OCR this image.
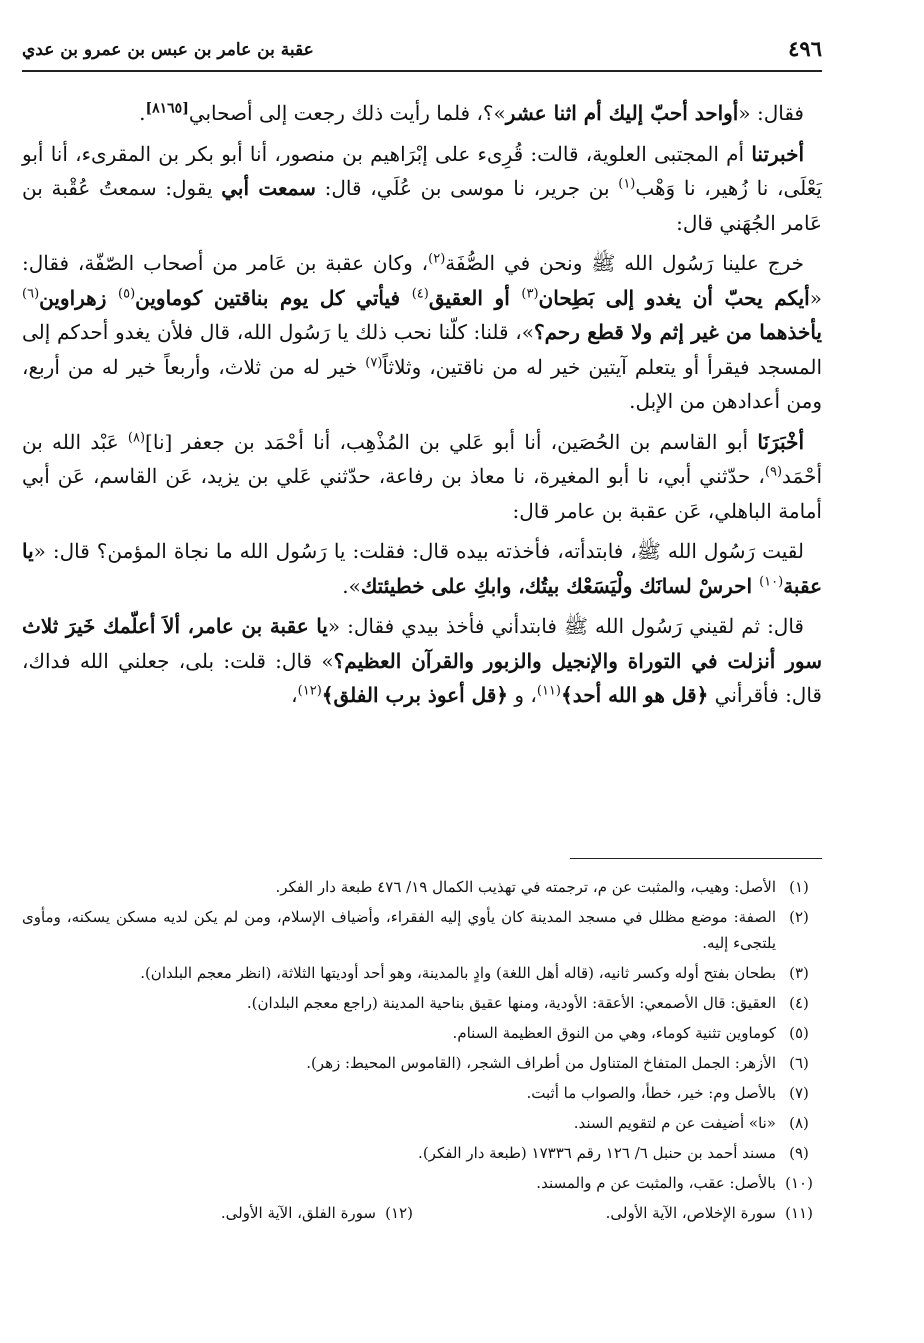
٤٩٦
عقبة بن عامر بن عبس بن عمرو بن عدي

فقال: «أواحد أحبّ إليك أم اثنا عشر»؟، فلما رأيت ذلك رجعت إلى أصحابي[٨١٦٥].

أخبرتنا أم المجتبى العلوية، قالت: قُرِىء على إبْرَاهيم بن منصور، أنا أبو بكر بن المقرىء، أنا أبو يَعْلَى، نا زُهير، نا وَهْب$^{(١)}$ بن جرير، نا موسى بن عُلَي، قال: سمعت أبي يقول: سمعتُ عُقْبة بن عَامر الجُهَني قال:

خرج علينا رَسُول الله ﷺ ونحن في الصُّفَة$^{(٢)}$، وكان عقبة بن عَامر من أصحاب الصّفّة، فقال: «أيكم يحبّ أن يغدو إلى بَطِحان$^{(٣)}$ أو العقيق$^{(٤)}$ فيأتي كل يوم بناقتين كوماوين$^{(٥)}$ زهراوين$^{(٦)}$ يأخذهما من غير إثم ولا قطع رحم؟»، قلنا: كلّنا نحب ذلك يا رَسُول الله، قال فلأن يغدو أحدكم إلى المسجد فيقرأ أو يتعلم آيتين خير له من ناقتين، وثلاثاً$^{(٧)}$ خير له من ثلاث، وأربعاً خير له من أربع، ومن أعدادهن من الإبل.

أخْبَرَنَا أبو القاسم بن الحُصَين، أنا أبو عَلي بن المُذْهِب، أنا أحْمَد بن جعفر [نا]$^{(٨)}$ عَبْد الله بن أحْمَد$^{(٩)}$، حدّثني أبي، نا أبو المغيرة، نا معاذ بن رفاعة، حدّثني عَلي بن يزيد، عَن القاسم، عَن أبي أمامة الباهلي، عَن عقبة بن عامر قال:

لقيت رَسُول الله ﷺ، فابتدأته، فأخذته بيده قال: فقلت: يا رَسُول الله ما نجاة المؤمن؟ قال: «يا عقبة$^{(١٠)}$ احرسْ لسانَك ولْيَسَعْك بيتُك، وابكِ على خطيئتك».

قال: ثم لقيني رَسُول الله ﷺ فابتدأني فأخذ بيدي فقال: «يا عقبة بن عامر، ألاَ أعلّمك خَيرَ ثلاث سور أنزلت في التوراة والإنجيل والزبور والقرآن العظيم؟» قال: قلت: بلى، جعلني الله فداك، قال: فأقرأني ﴿قل هو الله أحد﴾$^{(١١)}$، و ﴿قل أعوذ برب الفلق﴾$^{(١٢)}$،

(١)
الأصل: وهيب، والمثبت عن م، ترجمته في تهذيب الكمال ١٩/ ٤٧٦ طبعة دار الفكر.
(٢)
الصفة: موضع مظلل في مسجد المدينة كان يأوي إليه الفقراء، وأضياف الإسلام، ومن لم يكن لديه مسكن يسكنه، ومأوى يلتجىء إليه.
(٣)
بطحان بفتح أوله وكسر ثانيه، (قاله أهل اللغة) وادٍ بالمدينة، وهو أحد أوديتها الثلاثة، (انظر معجم البلدان).
(٤)
العقيق: قال الأصمعي: الأعقة: الأودية، ومنها عقيق بناحية المدينة (راجع معجم البلدان).
(٥)
كوماوين تثنية كوماء، وهي من النوق العظيمة السنام.
(٦)
الأزهر: الجمل المتفاخ المتناول من أطراف الشجر، (القاموس المحيط: زهر).
(٧)
بالأصل وم: خير، خطأ، والصواب ما أثبت.
(٨)
«نا» أضيفت عن م لتقويم السند.
(٩)
مسند أحمد بن حنبل ٦/ ١٢٦ رقم ١٧٣٣٦ (طبعة دار الفكر).
(١٠)
بالأصل: عقب، والمثبت عن م والمسند.
(١١)
سورة الإخلاص، الآية الأولى.
(١٢)
سورة الفلق، الآية الأولى.
